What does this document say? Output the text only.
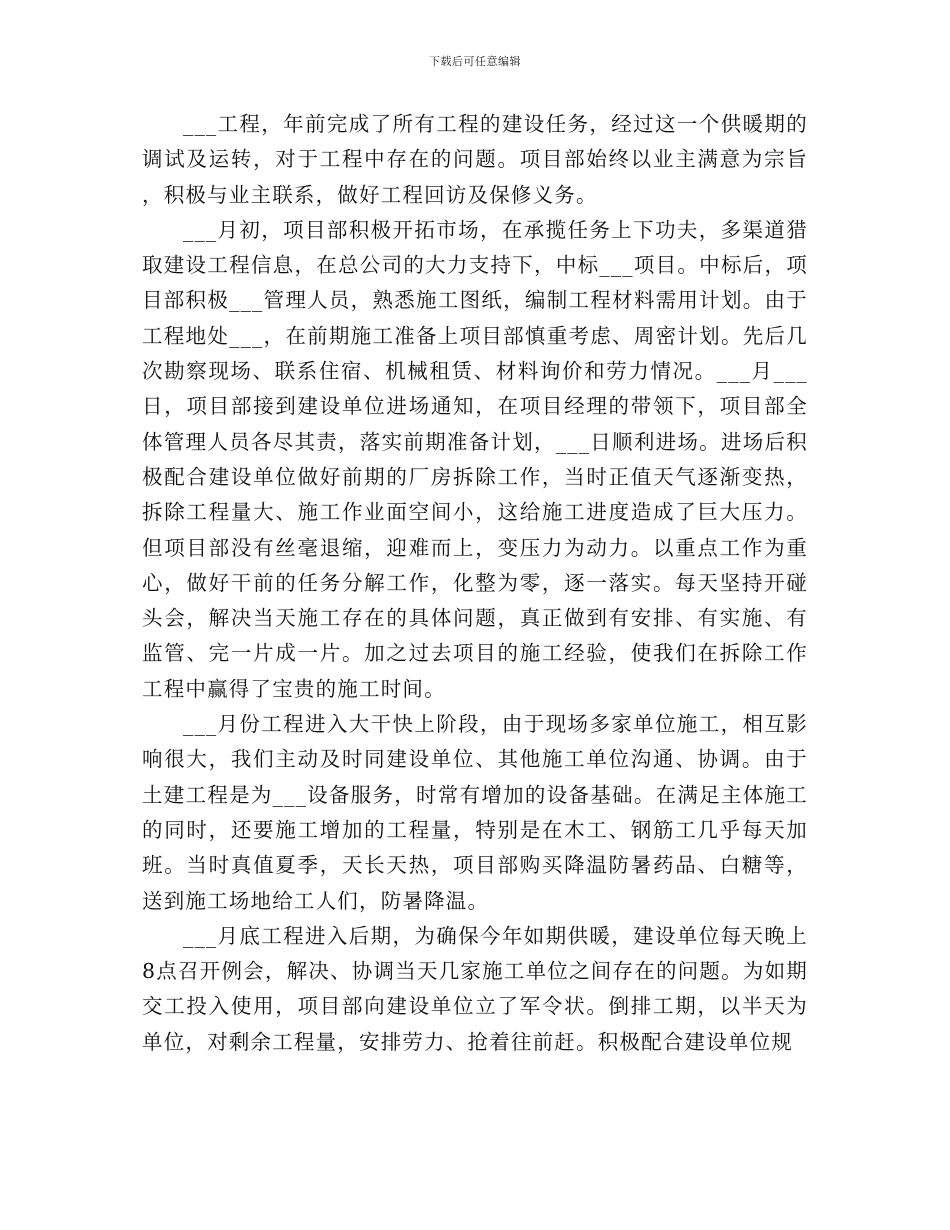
下载后可任意编辑

___工程，年前完成了所有工程的建设任务，经过这一个供暖期的调试及运转，对于工程中存在的问题。项目部始终以业主满意为宗旨，积极与业主联系，做好工程回访及保修义务。

___月初，项目部积极开拓市场，在承揽任务上下功夫，多渠道猎取建设工程信息，在总公司的大力支持下，中标___项目。中标后，项目部积极___管理人员，熟悉施工图纸，编制工程材料需用计划。由于工程地处___，在前期施工准备上项目部慎重考虑、周密计划。先后几次勘察现场、联系住宿、机械租赁、材料询价和劳力情况。___月___日，项目部接到建设单位进场通知，在项目经理的带领下，项目部全体管理人员各尽其责，落实前期准备计划，___日顺利进场。进场后积极配合建设单位做好前期的厂房拆除工作，当时正值天气逐渐变热，拆除工程量大、施工作业面空间小，这给施工进度造成了巨大压力。但项目部没有丝毫退缩，迎难而上，变压力为动力。以重点工作为重心，做好干前的任务分解工作，化整为零，逐一落实。每天坚持开碰头会，解决当天施工存在的具体问题，真正做到有安排、有实施、有监管、完一片成一片。加之过去项目的施工经验，使我们在拆除工作工程中赢得了宝贵的施工时间。

___月份工程进入大干快上阶段，由于现场多家单位施工，相互影响很大，我们主动及时同建设单位、其他施工单位沟通、协调。由于土建工程是为___设备服务，时常有增加的设备基础。在满足主体施工的同时，还要施工增加的工程量，特别是在木工、钢筋工几乎每天加班。当时真值夏季，天长天热，项目部购买降温防暑药品、白糖等，送到施工场地给工人们，防暑降温。

___月底工程进入后期，为确保今年如期供暖，建设单位每天晚上8点召开例会，解决、协调当天几家施工单位之间存在的问题。为如期交工投入使用，项目部向建设单位立了军令状。倒排工期，以半天为单位，对剩余工程量，安排劳力、抢着往前赶。积极配合建设单位规
